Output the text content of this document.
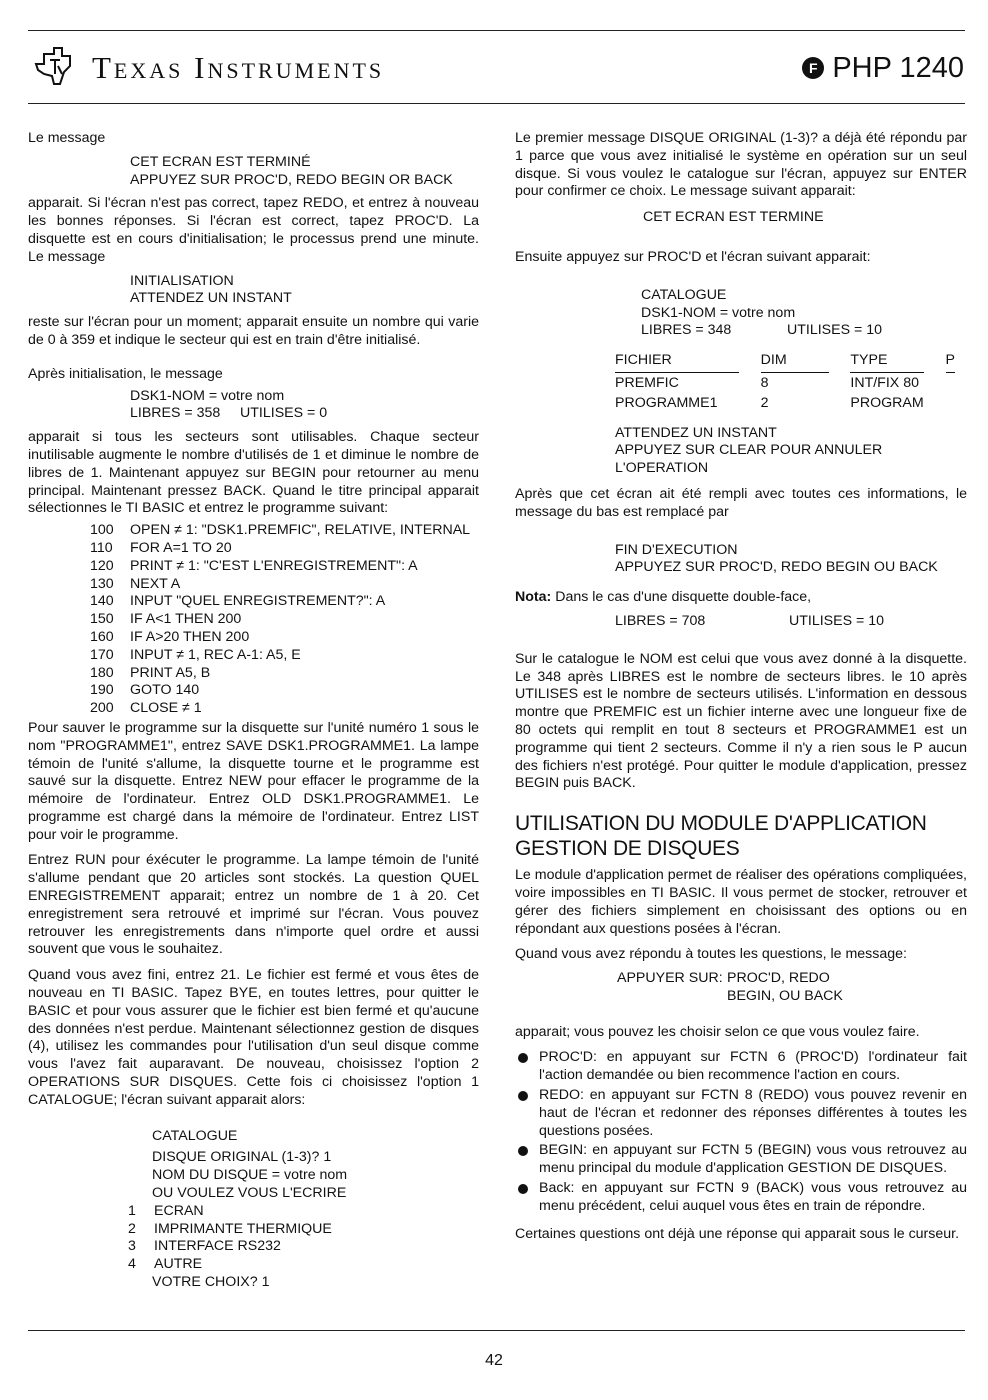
Texas Instruments	F PHP 1240

Le message

CET ECRAN EST TERMINÉ
APPUYEZ SUR PROC'D, REDO BEGIN OR BACK

apparait. Si l'écran n'est pas correct, tapez REDO, et entrez à nouveau les bonnes réponses. Si l'écran est correct, tapez PROC'D. La disquette est en cours d'initialisation; le processus prend une minute. Le message

INITIALISATION
ATTENDEZ UN INSTANT

reste sur l'écran pour un moment; apparait ensuite un nombre qui varie de 0 à 359 et indique le secteur qui est en train d'être initialisé.

Après initialisation, le message

DSK1-NOM = votre nom
LIBRES = 358     UTILISES = 0

apparait si tous les secteurs sont utilisables. Chaque secteur inutilisable augmente le nombre d'utilisés de 1 et diminue le nombre de libres de 1. Maintenant appuyez sur BEGIN pour retourner au menu principal. Maintenant pressez BACK. Quand le titre principal apparait sélectionnes le TI BASIC et entrez le programme suivant:

100	OPEN ≠ 1: "DSK1.PREMFIC", RELATIVE, INTERNAL
110	FOR A=1 TO 20
120	PRINT ≠ 1: "C'EST L'ENREGISTREMENT": A
130	NEXT A
140	INPUT "QUEL ENREGISTREMENT?": A
150	IF A<1 THEN 200
160	IF A>20 THEN 200
170	INPUT ≠ 1, REC A-1: A5, E
180	PRINT A5, B
190	GOTO 140
200	CLOSE ≠ 1

Pour sauver le programme sur la disquette sur l'unité numéro 1 sous le nom "PROGRAMME1", entrez SAVE DSK1.PROGRAMME1. La lampe témoin de l'unité s'allume, la disquette tourne et le programme est sauvé sur la disquette. Entrez NEW pour effacer le programme de la mémoire de l'ordinateur. Entrez OLD DSK1.PROGRAMME1. Le programme est chargé dans la mémoire de l'ordinateur. Entrez LIST pour voir le programme.

Entrez RUN pour éxécuter le programme. La lampe témoin de l'unité s'allume pendant que 20 articles sont stockés. La question QUEL ENREGISTREMENT apparait; entrez un nombre de 1 à 20. Cet enregistrement sera retrouvé et imprimé sur l'écran. Vous pouvez retrouver les enregistrements dans n'importe quel ordre et aussi souvent que vous le souhaitez.

Quand vous avez fini, entrez 21. Le fichier est fermé et vous êtes de nouveau en TI BASIC. Tapez BYE, en toutes lettres, pour quitter le BASIC et pour vous assurer que le fichier est bien fermé et qu'aucune des données n'est perdue. Maintenant sélectionnez gestion de disques (4), utilisez les commandes pour l'utilisation d'un seul disque comme vous l'avez fait auparavant. De nouveau, choisissez l'option 2 OPERATIONS SUR DISQUES. Cette fois ci choisissez l'option 1 CATALOGUE; l'écran suivant apparait alors:

CATALOGUE
DISQUE ORIGINAL (1-3)? 1
NOM DU DISQUE = votre nom
OU VOULEZ VOUS L'ECRIRE
1	ECRAN
2	IMPRIMANTE THERMIQUE
3	INTERFACE RS232
4	AUTRE
VOTRE CHOIX? 1

Le premier message DISQUE ORIGINAL (1-3)? a déjà été répondu par 1 parce que vous avez initialisé le système en opération sur un seul disque. Si vous voulez le catalogue sur l'écran, appuyez sur ENTER pour confirmer ce choix. Le message suivant apparait:

CET ECRAN EST TERMINE

Ensuite appuyez sur PROC'D et l'écran suivant apparait:

CATALOGUE
DSK1-NOM = votre nom
LIBRES = 348	UTILISES = 10
FICHIER		DIM		TYPE		P
PREMFIC		8		INT/FIX 80		
PROGRAMME1		2		PROGRAM		
ATTENDEZ UN INSTANT
APPUYEZ SUR CLEAR POUR ANNULER
L'OPERATION

Après que cet écran ait été rempli avec toutes ces informations, le message du bas est remplacé par

FIN D'EXECUTION
APPUYEZ SUR PROC'D, REDO BEGIN OU BACK

Nota: Dans le cas d'une disquette double-face,

LIBRES = 708	UTILISES = 10

Sur le catalogue le NOM est celui que vous avez donné à la disquette. Le 348 après LIBRES est le nombre de secteurs libres. le 10 après UTILISES est le nombre de secteurs utilisés. L'information en dessous montre que PREMFIC est un fichier interne avec une longueur fixe de 80 octets qui remplit en tout 8 secteurs et PROGRAMME1 est un programme qui tient 2 secteurs. Comme il n'y a rien sous le P aucun des fichiers n'est protégé. Pour quitter le module d'application, pressez BEGIN puis BACK.

UTILISATION DU MODULE D'APPLICATION GESTION DE DISQUES

Le module d'application permet de réaliser des opérations compliquées, voire impossibles en TI BASIC. Il vous permet de stocker, retrouver et gérer des fichiers simplement en choisissant des options ou en répondant aux questions posées à l'écran.

Quand vous avez répondu à toutes les questions, le message:

APPUYER SUR: PROC'D, REDO
BEGIN, OU BACK

apparait; vous pouvez les choisir selon ce que vous voulez faire.

PROC'D: en appuyant sur FCTN 6 (PROC'D) l'ordinateur fait l'action demandée ou bien recommence l'action en cours.
REDO: en appuyant sur FCTN 8 (REDO) vous pouvez revenir en haut de l'écran et redonner des réponses différentes à toutes les questions posées.
BEGIN: en appuyant sur FCTN 5 (BEGIN) vous vous retrouvez au menu principal du module d'application GESTION DE DISQUES.
Back: en appuyant sur FCTN 9 (BACK) vous vous retrouvez au menu précédent, celui auquel vous êtes en train de répondre.

Certaines questions ont déjà une réponse qui apparait sous le curseur.

42
